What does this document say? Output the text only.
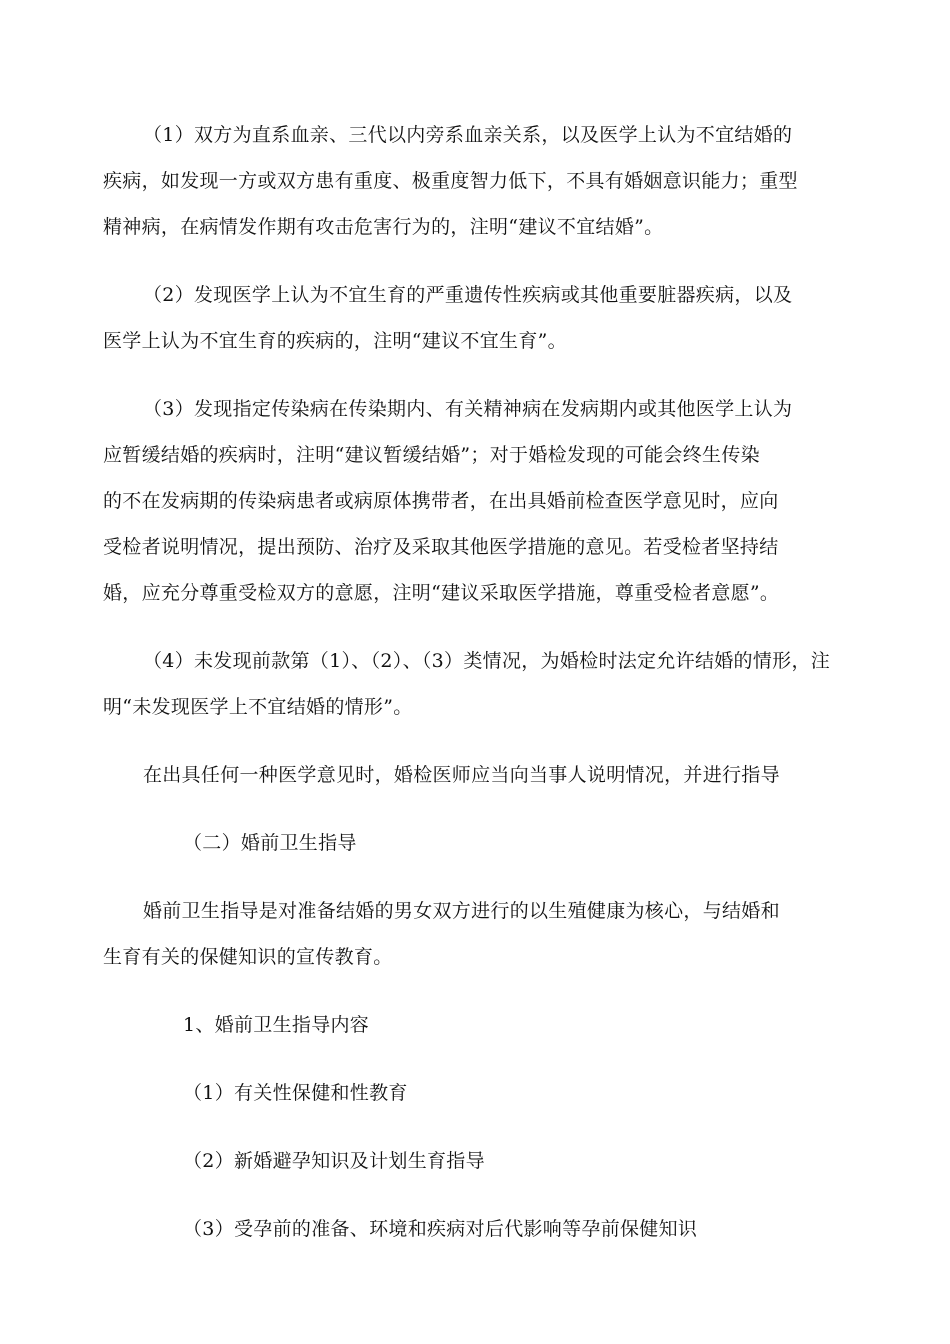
（1）双方为直系血亲、三代以内旁系血亲关系，以及医学上认为不宜结婚的
疾病，如发现一方或双方患有重度、极重度智力低下，不具有婚姻意识能力；重型
精神病，在病情发作期有攻击危害行为的，注明“建议不宜结婚”。
（2）发现医学上认为不宜生育的严重遗传性疾病或其他重要脏器疾病，以及
医学上认为不宜生育的疾病的，注明“建议不宜生育”。
（3）发现指定传染病在传染期内、有关精神病在发病期内或其他医学上认为
应暂缓结婚的疾病时，注明“建议暂缓结婚”；对于婚检发现的可能会终生传染
的不在发病期的传染病患者或病原体携带者，在出具婚前检查医学意见时，应向
受检者说明情况，提出预防、治疗及采取其他医学措施的意见。若受检者坚持结
婚，应充分尊重受检双方的意愿，注明“建议采取医学措施，尊重受检者意愿”。
（4）未发现前款第（1）、（2）、（3）类情况，为婚检时法定允许结婚的情形，注
明“未发现医学上不宜结婚的情形”。
在出具任何一种医学意见时，婚检医师应当向当事人说明情况，并进行指导
（二）婚前卫生指导
婚前卫生指导是对准备结婚的男女双方进行的以生殖健康为核心，与结婚和
生育有关的保健知识的宣传教育。
1、婚前卫生指导内容
（1）有关性保健和性教育
（2）新婚避孕知识及计划生育指导
（3）受孕前的准备、环境和疾病对后代影响等孕前保健知识
